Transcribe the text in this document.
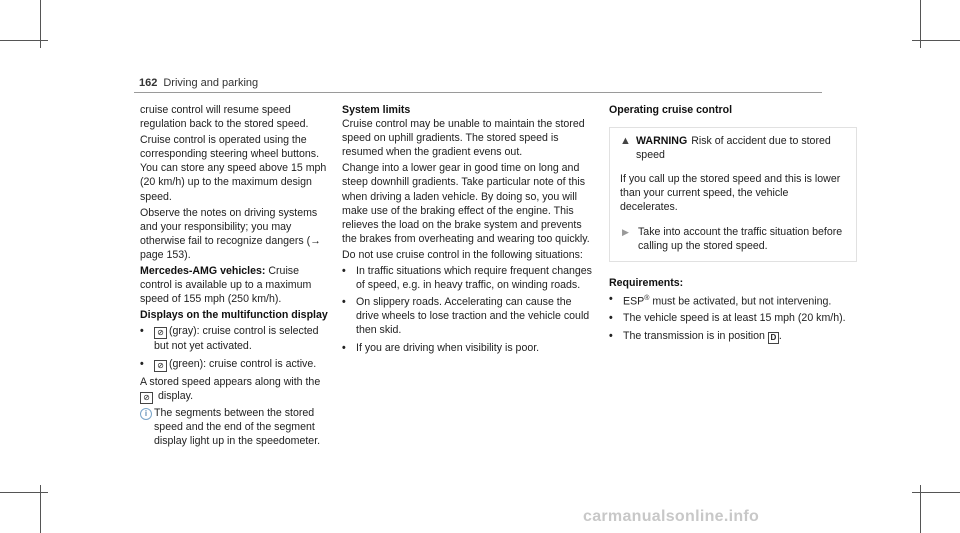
162 Driving and parking

cruise control will resume speed regulation back to the stored speed.

Cruise control is operated using the corresponding steering wheel buttons. You can store any speed above 15 mph (20 km/h) up to the maximum design speed.

Observe the notes on driving systems and your responsibility; you may otherwise fail to recognize dangers (→ page 153).

Mercedes-AMG vehicles: Cruise control is available up to a maximum speed of 155 mph (250 km/h).

Displays on the multifunction display

• ⊘ (gray): cruise control is selected but not yet activated.
• ⊘ (green): cruise control is active.

A stored speed appears along with the ⊘ display.

i The segments between the stored speed and the end of the segment display light up in the speedometer.

System limits

Cruise control may be unable to maintain the stored speed on uphill gradients. The stored speed is resumed when the gradient evens out.

Change into a lower gear in good time on long and steep downhill gradients. Take particular note of this when driving a laden vehicle. By doing so, you will make use of the braking effect of the engine. This relieves the load on the brake system and prevents the brakes from overheating and wearing too quickly.

Do not use cruise control in the following situations:

• In traffic situations which require frequent changes of speed, e.g. in heavy traffic, on winding roads.
• On slippery roads. Accelerating can cause the drive wheels to lose traction and the vehicle could then skid.
• If you are driving when visibility is poor.

Operating cruise control

▲ WARNING Risk of accident due to stored speed
If you call up the stored speed and this is lower than your current speed, the vehicle decelerates.
▶ Take into account the traffic situation before calling up the stored speed.

Requirements:

• ESP® must be activated, but not intervening.
• The vehicle speed is at least 15 mph (20 km/h).
• The transmission is in position D .
carmanualsonline.info
